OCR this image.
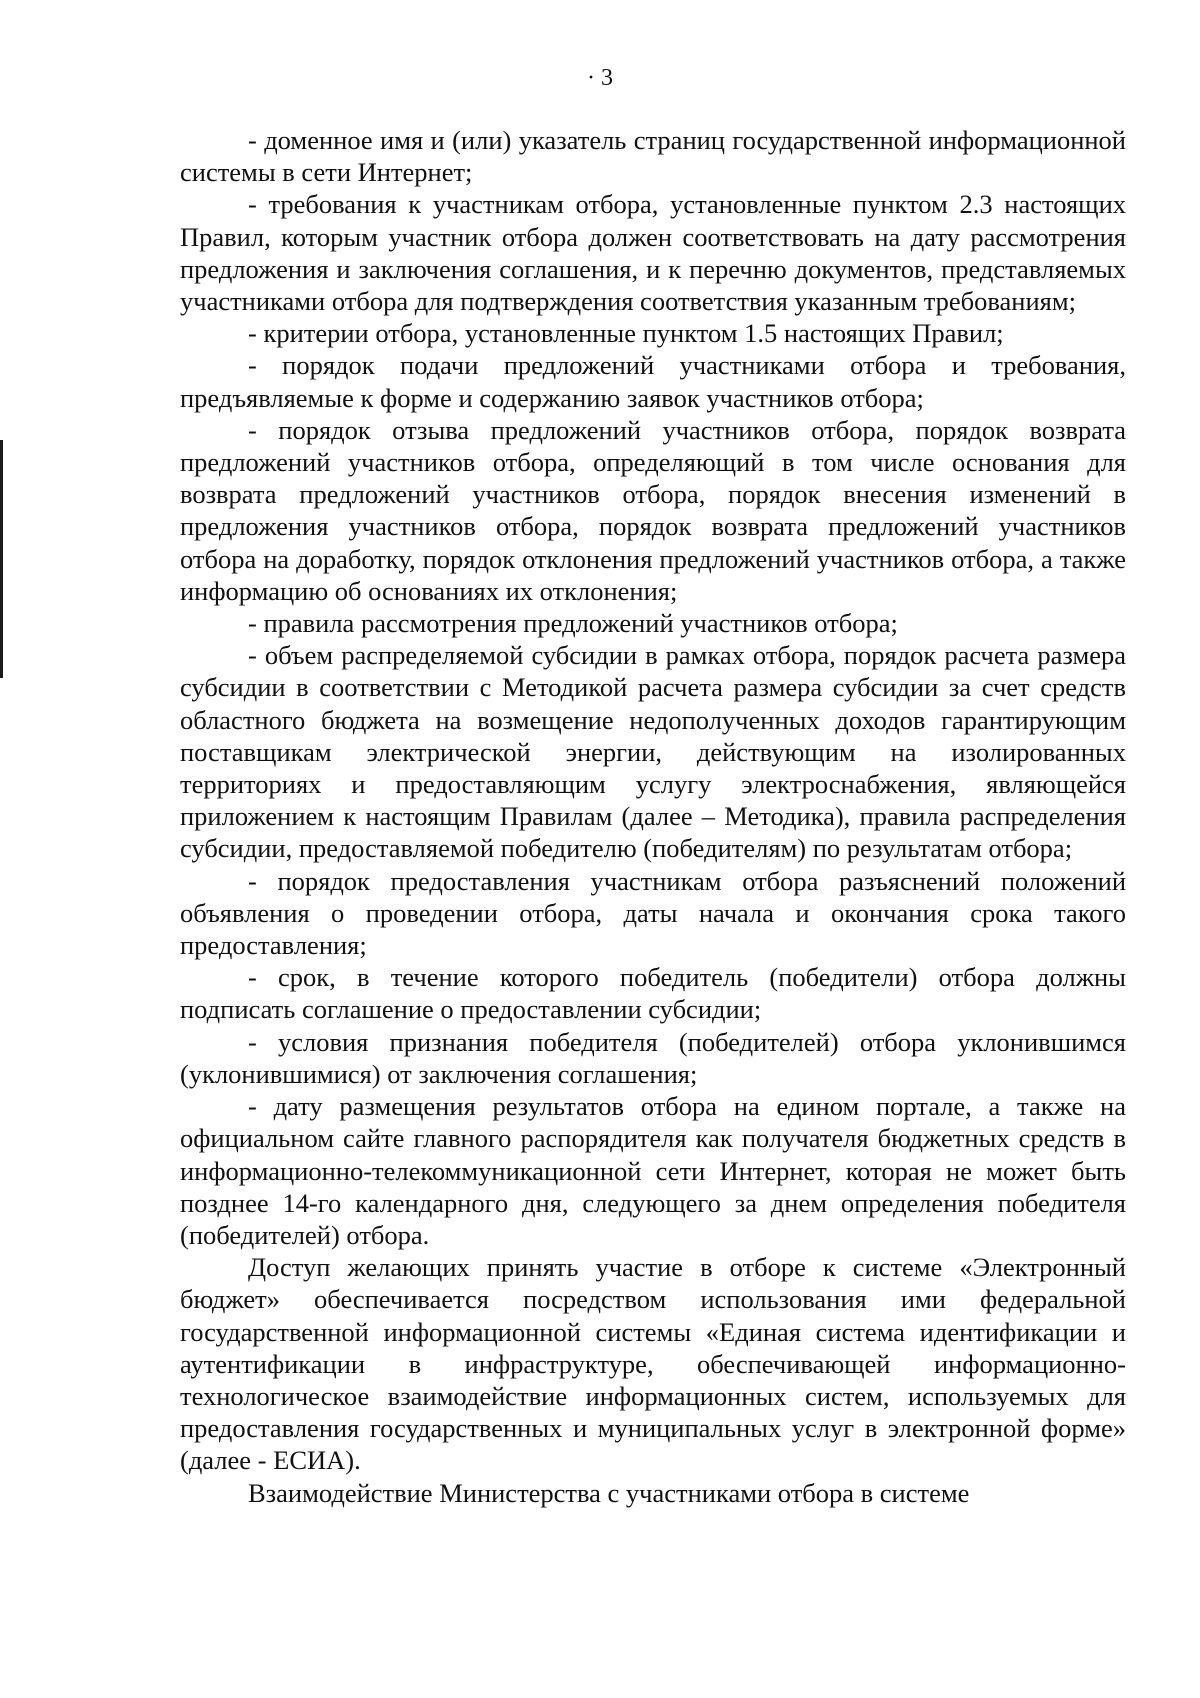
· 3

- доменное имя и (или) указатель страниц государственной информационной системы в сети Интернет;

- требования к участникам отбора, установленные пунктом 2.3 настоящих Правил, которым участник отбора должен соответствовать на дату рассмотрения предложения и заключения соглашения, и к перечню документов, представляемых участниками отбора для подтверждения соответствия указанным требованиям;

- критерии отбора, установленные пунктом 1.5 настоящих Правил;

- порядок подачи предложений участниками отбора и требования, предъявляемые к форме и содержанию заявок участников отбора;

- порядок отзыва предложений участников отбора, порядок возврата предложений участников отбора, определяющий в том числе основания для возврата предложений участников отбора, порядок внесения изменений в предложения участников отбора, порядок возврата предложений участников отбора на доработку, порядок отклонения предложений участников отбора, а также информацию об основаниях их отклонения;

- правила рассмотрения предложений участников отбора;

- объем распределяемой субсидии в рамках отбора, порядок расчета размера субсидии в соответствии с Методикой расчета размера субсидии за счет средств областного бюджета на возмещение недополученных доходов гарантирующим поставщикам электрической энергии, действующим на изолированных территориях и предоставляющим услугу электроснабжения, являющейся приложением к настоящим Правилам (далее – Методика), правила распределения субсидии, предоставляемой победителю (победителям) по результатам отбора;

- порядок предоставления участникам отбора разъяснений положений объявления о проведении отбора, даты начала и окончания срока такого предоставления;

- срок, в течение которого победитель (победители) отбора должны подписать соглашение о предоставлении субсидии;

- условия признания победителя (победителей) отбора уклонившимся (уклонившимися) от заключения соглашения;

- дату размещения результатов отбора на едином портале, а также на официальном сайте главного распорядителя как получателя бюджетных средств в информационно-телекоммуникационной сети Интернет, которая не может быть позднее 14-го календарного дня, следующего за днем определения победителя (победителей) отбора.

Доступ желающих принять участие в отборе к системе «Электронный бюджет» обеспечивается посредством использования ими федеральной государственной информационной системы «Единая система идентификации и аутентификации в инфраструктуре, обеспечивающей информационно-технологическое взаимодействие информационных систем, используемых для предоставления государственных и муниципальных услуг в электронной форме» (далее - ЕСИА).

Взаимодействие Министерства с участниками отбора в системе
